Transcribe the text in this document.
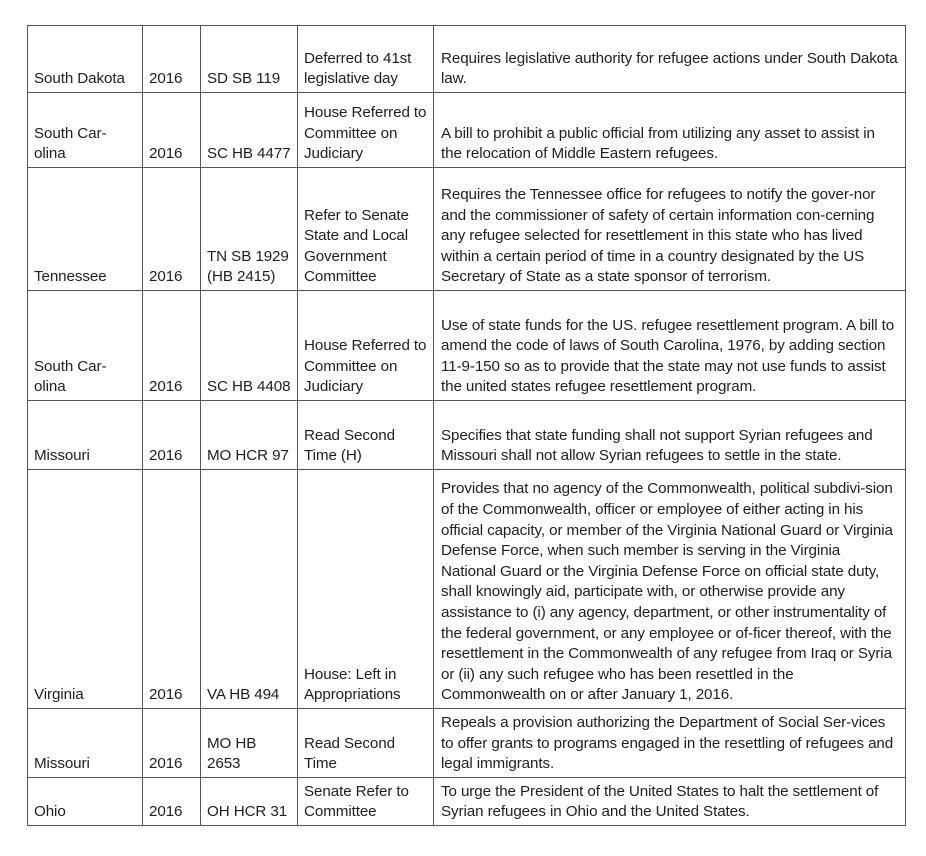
South Dakota	2016	SD SB 119	Deferred to 41st legislative day	Requires legislative authority for refugee actions under South Dakota law.
South Car-olina	2016	SC HB 4477	House Referred to Committee on Judiciary	A bill to prohibit a public official from utilizing any asset to assist in the relocation of Middle Eastern refugees.
Tennessee	2016	TN SB 1929 (HB 2415)	Refer to Senate State and Local Government Committee	Requires the Tennessee office for refugees to notify the gover-nor and the commissioner of safety of certain information con-cerning any refugee selected for resettlement in this state who has lived within a certain period of time in a country designated by the US Secretary of State as a state sponsor of terrorism.
South Car-olina	2016	SC HB 4408	House Referred to Committee on Judiciary	Use of state funds for the US. refugee resettlement program. A bill to amend the code of laws of South Carolina, 1976, by adding section 11-9-150 so as to provide that the state may not use funds to assist the united states refugee resettlement program.
Missouri	2016	MO HCR 97	Read Second Time (H)	Specifies that state funding shall not support Syrian refugees and Missouri shall not allow Syrian refugees to settle in the state.
Virginia	2016	VA HB 494	House: Left in Appropriations	Provides that no agency of the Commonwealth, political subdivi-sion of the Commonwealth, officer or employee of either acting in his official capacity, or member of the Virginia National Guard or Virginia Defense Force, when such member is serving in the Virginia National Guard or the Virginia Defense Force on official state duty, shall knowingly aid, participate with, or otherwise provide any assistance to (i) any agency, department, or other instrumentality of the federal government, or any employee or of-ficer thereof, with the resettlement in the Commonwealth of any refugee from Iraq or Syria or (ii) any such refugee who has been resettled in the Commonwealth on or after January 1, 2016.
Missouri	2016	MO HB 2653	Read Second Time	Repeals a provision authorizing the Department of Social Ser-vices to offer grants to programs engaged in the resettling of refugees and legal immigrants.
Ohio	2016	OH HCR 31	Senate Refer to Committee	To urge the President of the United States to halt the settlement of Syrian refugees in Ohio and the United States.
